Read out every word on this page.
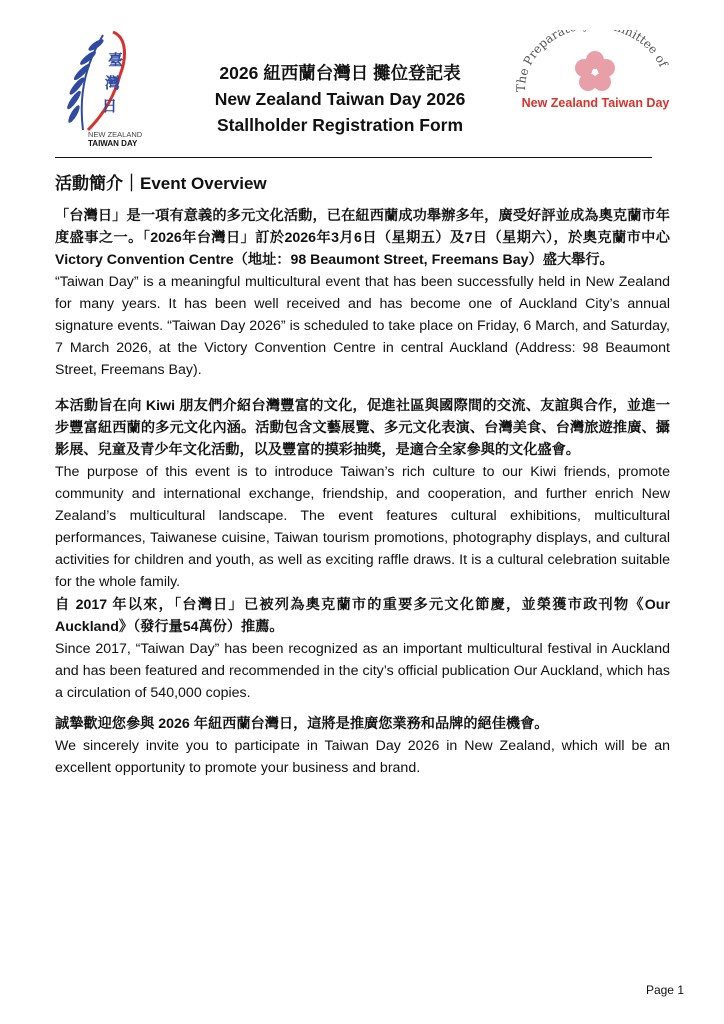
臺
灣
日
NEW ZEALAND
TAIWAN DAY
2026 紐西蘭台灣日 攤位登記表
New Zealand Taiwan Day 2026
Stallholder Registration Form
The Prepara mittee of
New Zealand Taiwan Day
活動簡介｜Event Overview
「台灣日」是一項有意義的多元文化活動，已在紐西蘭成功舉辦多年，廣受好評並成為奧克蘭市年度盛事之一。「2026年台灣日」訂於2026年3月6日（星期五）及7日（星期六），於奧克蘭市中心 Victory Convention Centre（地址：98 Beaumont Street, Freemans Bay）盛大舉行。
“Taiwan Day” is a meaningful multicultural event that has been successfully held in New Zealand for many years. It has been well received and has become one of Auckland City’s annual signature events. “Taiwan Day 2026” is scheduled to take place on Friday, 6 March, and Saturday, 7 March 2026, at the Victory Convention Centre in central Auckland (Address: 98 Beaumont Street, Freemans Bay).
本活動旨在向 Kiwi 朋友們介紹台灣豐富的文化，促進社區與國際間的交流、友誼與合作，並進一步豐富紐西蘭的多元文化內涵。活動包含文藝展覽、多元文化表演、台灣美食、台灣旅遊推廣、攝影展、兒童及青少年文化活動，以及豐富的摸彩抽獎，是適合全家參與的文化盛會。
The purpose of this event is to introduce Taiwan’s rich culture to our Kiwi friends, promote community and international exchange, friendship, and cooperation, and further enrich New Zealand’s multicultural landscape. The event features cultural exhibitions, multicultural performances, Taiwanese cuisine, Taiwan tourism promotions, photography displays, and cultural activities for children and youth, as well as exciting raffle draws. It is a cultural celebration suitable for the whole family.
自 2017 年以來，「台灣日」已被列為奧克蘭市的重要多元文化節慶，並榮獲市政刊物《Our Auckland》（發行量54萬份）推薦。
Since 2017, “Taiwan Day” has been recognized as an important multicultural festival in Auckland and has been featured and recommended in the city’s official publication Our Auckland, which has a circulation of 540,000 copies.
誠摯歡迎您參與 2026 年紐西蘭台灣日，這將是推廣您業務和品牌的絕佳機會。
We sincerely invite you to participate in Taiwan Day 2026 in New Zealand, which will be an excellent opportunity to promote your business and brand.
Page 1
